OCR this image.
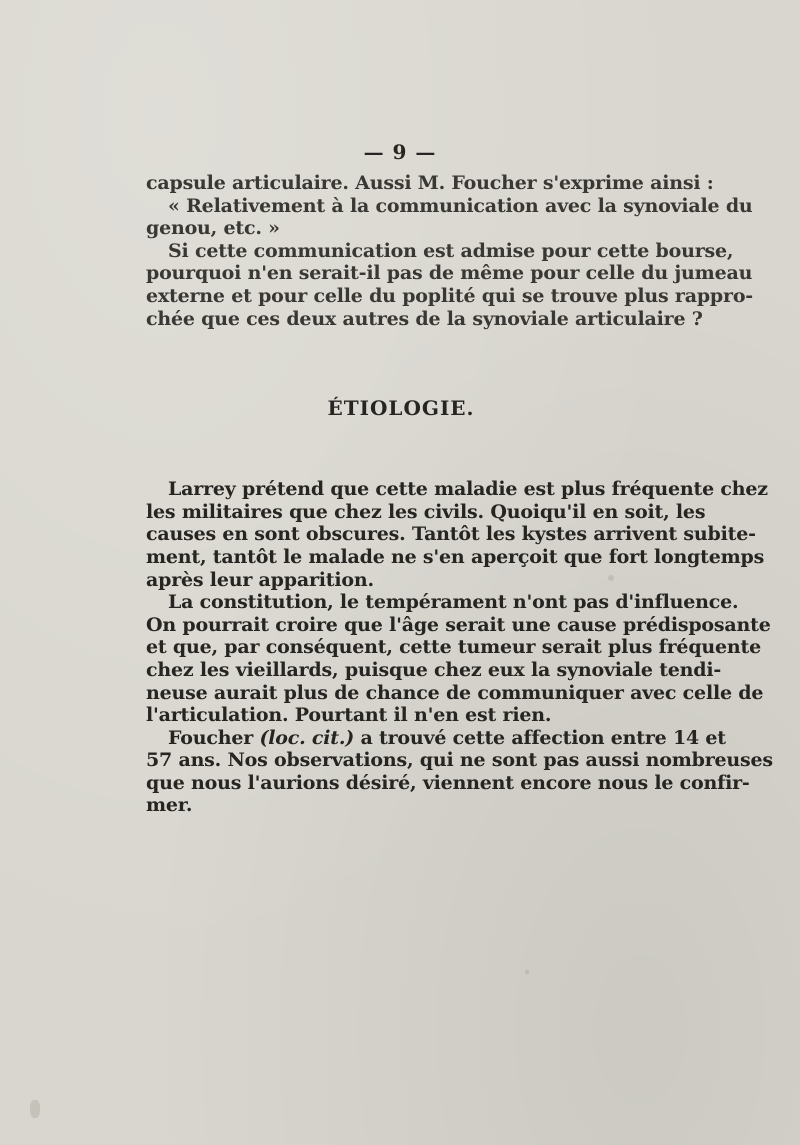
— 9 —
capsule articulaire. Aussi M. Foucher s'exprime ainsi :
« Relativement à la communication avec la synoviale du
genou, etc. »
Si cette communication est admise pour cette bourse,
pourquoi n'en serait-il pas de même pour celle du jumeau
externe et pour celle du poplité qui se trouve plus rappro-
chée que ces deux autres de la synoviale articulaire ?
ÉTIOLOGIE.
Larrey prétend que cette maladie est plus fréquente chez
les militaires que chez les civils. Quoiqu'il en soit, les
causes en sont obscures. Tantôt les kystes arrivent subite-
ment, tantôt le malade ne s'en aperçoit que fort longtemps
après leur apparition.
La constitution, le tempérament n'ont pas d'influence.
On pourrait croire que l'âge serait une cause prédisposante
et que, par conséquent, cette tumeur serait plus fréquente
chez les vieillards, puisque chez eux la synoviale tendi-
neuse aurait plus de chance de communiquer avec celle de
l'articulation. Pourtant il n'en est rien.
Foucher (loc. cit.) a trouvé cette affection entre 14 et
57 ans. Nos observations, qui ne sont pas aussi nombreuses
que nous l'aurions désiré, viennent encore nous le confir-
mer.
